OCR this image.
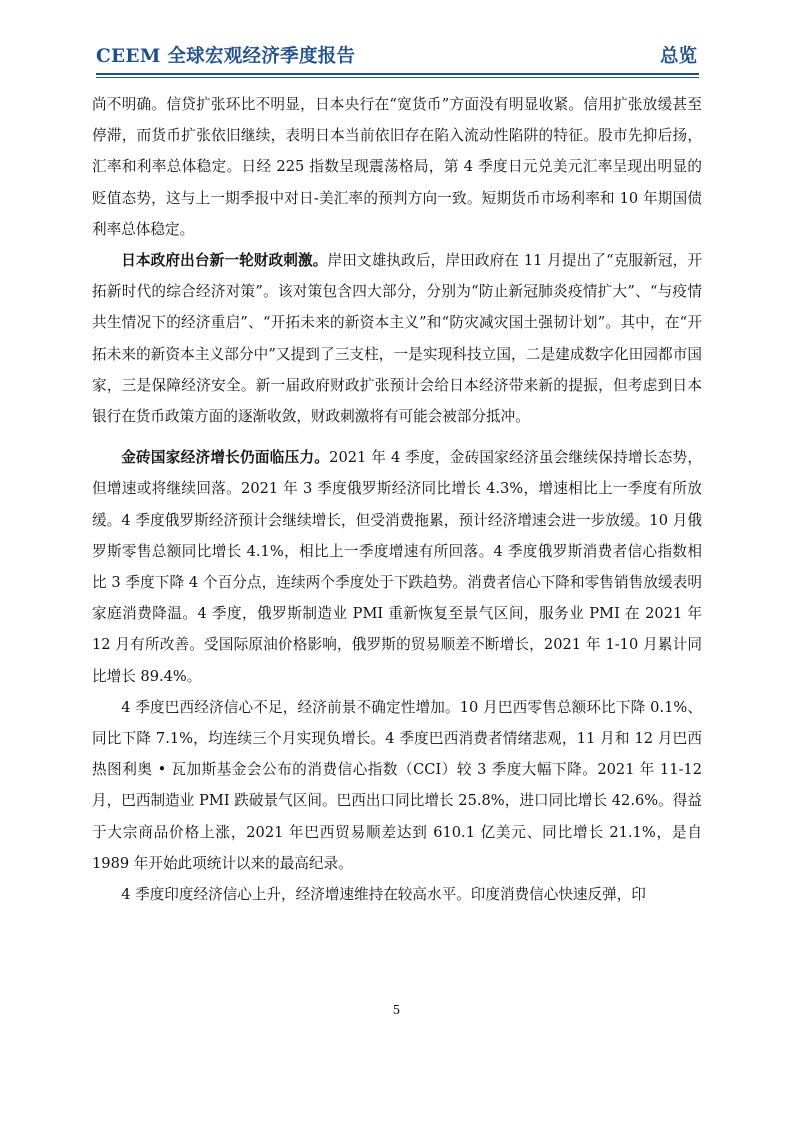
CEEM 全球宏观经济季度报告	总览

尚不明确。信贷扩张环比不明显，日本央行在“宽货币”方面没有明显收紧。信用扩张放缓甚至停滞，而货币扩张依旧继续，表明日本当前依旧存在陷入流动性陷阱的特征。股市先抑后扬，汇率和利率总体稳定。日经 225 指数呈现震荡格局，第 4 季度日元兑美元汇率呈现出明显的贬值态势，这与上一期季报中对日-美汇率的预判方向一致。短期货币市场利率和 10 年期国债利率总体稳定。

日本政府出台新一轮财政刺激。岸田文雄执政后，岸田政府在 11 月提出了“克服新冠，开拓新时代的综合经济对策”。该对策包含四大部分，分别为“防止新冠肺炎疫情扩大”、“与疫情共生情况下的经济重启”、“开拓未来的新资本主义”和“防灾减灾国土强韧计划”。其中，在“开拓未来的新资本主义部分中”又提到了三支柱，一是实现科技立国，二是建成数字化田园都市国家，三是保障经济安全。新一届政府财政扩张预计会给日本经济带来新的提振，但考虑到日本银行在货币政策方面的逐渐收敛，财政刺激将有可能会被部分抵冲。

金砖国家经济增长仍面临压力。2021 年 4 季度，金砖国家经济虽会继续保持增长态势，但增速或将继续回落。2021 年 3 季度俄罗斯经济同比增长 4.3%，增速相比上一季度有所放缓。4 季度俄罗斯经济预计会继续增长，但受消费拖累，预计经济增速会进一步放缓。10 月俄罗斯零售总额同比增长 4.1%，相比上一季度增速有所回落。4 季度俄罗斯消费者信心指数相比 3 季度下降 4 个百分点，连续两个季度处于下跌趋势。消费者信心下降和零售销售放缓表明家庭消费降温。4 季度，俄罗斯制造业 PMI 重新恢复至景气区间，服务业 PMI 在 2021 年 12 月有所改善。受国际原油价格影响，俄罗斯的贸易顺差不断增长，2021 年 1-10 月累计同比增长 89.4%。

4 季度巴西经济信心不足，经济前景不确定性增加。10 月巴西零售总额环比下降 0.1%、同比下降 7.1%，均连续三个月实现负增长。4 季度巴西消费者情绪悲观，11 月和 12 月巴西热图利奥 • 瓦加斯基金会公布的消费信心指数（CCI）较 3 季度大幅下降。2021 年 11-12 月，巴西制造业 PMI 跌破景气区间。巴西出口同比增长 25.8%，进口同比增长 42.6%。得益于大宗商品价格上涨，2021 年巴西贸易顺差达到 610.1 亿美元、同比增长 21.1%，是自 1989 年开始此项统计以来的最高纪录。

4 季度印度经济信心上升，经济增速维持在较高水平。印度消费信心快速反弹，印

5
